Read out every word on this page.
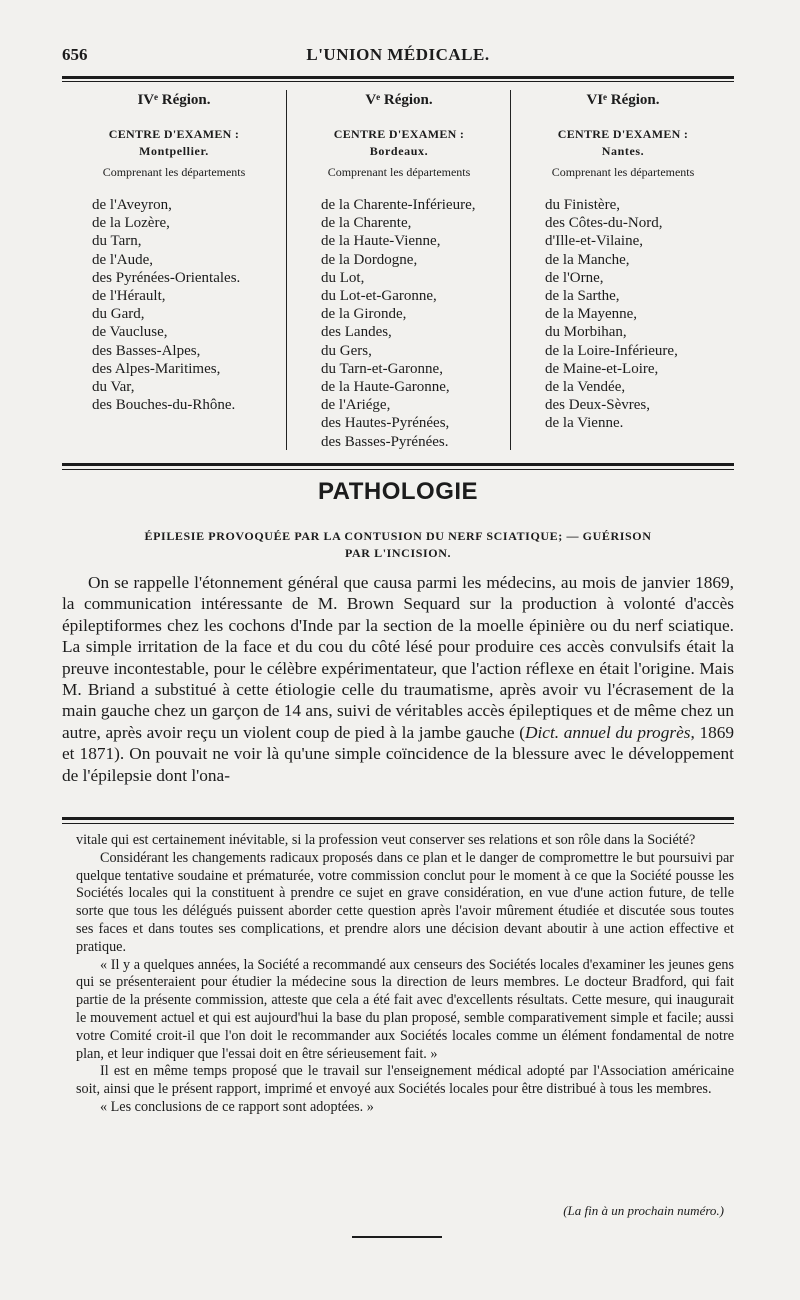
656	L'UNION MÉDICALE.
IVᵉ Région.
CENTRE D'EXAMEN :
Montpellier.
Comprenant les départements
de l'Aveyron,
de la Lozère,
du Tarn,
de l'Aude,
des Pyrénées-Orientales.
de l'Hérault,
du Gard,
de Vaucluse,
des Basses-Alpes,
des Alpes-Maritimes,
du Var,
des Bouches-du-Rhône.
Vᵉ Région.
CENTRE D'EXAMEN :
Bordeaux.
Comprenant les départements
de la Charente-Inférieure,
de la Charente,
de la Haute-Vienne,
de la Dordogne,
du Lot,
du Lot-et-Garonne,
de la Gironde,
des Landes,
du Gers,
du Tarn-et-Garonne,
de la Haute-Garonne,
de l'Ariége,
des Hautes-Pyrénées,
des Basses-Pyrénées.
VIᵉ Région.
CENTRE D'EXAMEN :
Nantes.
Comprenant les départements
du Finistère,
des Côtes-du-Nord,
d'Ille-et-Vilaine,
de la Manche,
de l'Orne,
de la Sarthe,
de la Mayenne,
du Morbihan,
de la Loire-Inférieure,
de Maine-et-Loire,
de la Vendée,
des Deux-Sèvres,
de la Vienne.
PATHOLOGIE
ÉPILESIE PROVOQUÉE PAR LA CONTUSION DU NERF SCIATIQUE; — GUÉRISON
PAR L'INCISION.

On se rappelle l'étonnement général que causa parmi les médecins, au mois de janvier 1869, la communication intéressante de M. Brown Sequard sur la production à volonté d'accès épileptiformes chez les cochons d'Inde par la section de la moelle épinière ou du nerf sciatique. La simple irritation de la face et du cou du côté lésé pour produire ces accès convulsifs était la preuve incontestable, pour le célèbre expérimentateur, que l'action réflexe en était l'origine. Mais M. Briand a substitué à cette étiologie celle du traumatisme, après avoir vu l'écrasement de la main gauche chez un garçon de 14 ans, suivi de véritables accès épileptiques et de même chez un autre, après avoir reçu un violent coup de pied à la jambe gauche (Dict. annuel du progrès, 1869 et 1871). On pouvait ne voir là qu'une simple coïncidence de la blessure avec le développement de l'épilepsie dont l'ona-

vitale qui est certainement inévitable, si la profession veut conserver ses relations et son rôle dans la Société?

Considérant les changements radicaux proposés dans ce plan et le danger de compromettre le but poursuivi par quelque tentative soudaine et prématurée, votre commission conclut pour le moment à ce que la Société pousse les Sociétés locales qui la constituent à prendre ce sujet en grave considération, en vue d'une action future, de telle sorte que tous les délégués puissent aborder cette question après l'avoir mûrement étudiée et discutée sous toutes ses faces et dans toutes ses complications, et prendre alors une décision devant aboutir à une action effective et pratique.

« Il y a quelques années, la Société a recommandé aux censeurs des Sociétés locales d'examiner les jeunes gens qui se présenteraient pour étudier la médecine sous la direction de leurs membres. Le docteur Bradford, qui fait partie de la présente commission, atteste que cela a été fait avec d'excellents résultats. Cette mesure, qui inaugurait le mouvement actuel et qui est aujourd'hui la base du plan proposé, semble comparativement simple et facile; aussi votre Comité croit-il que l'on doit le recommander aux Sociétés locales comme un élément fondamental de notre plan, et leur indiquer que l'essai doit en être sérieusement fait. »

Il est en même temps proposé que le travail sur l'enseignement médical adopté par l'Association américaine soit, ainsi que le présent rapport, imprimé et envoyé aux Sociétés locales pour être distribué à tous les membres.

« Les conclusions de ce rapport sont adoptées. »

(La fin à un prochain numéro.)
